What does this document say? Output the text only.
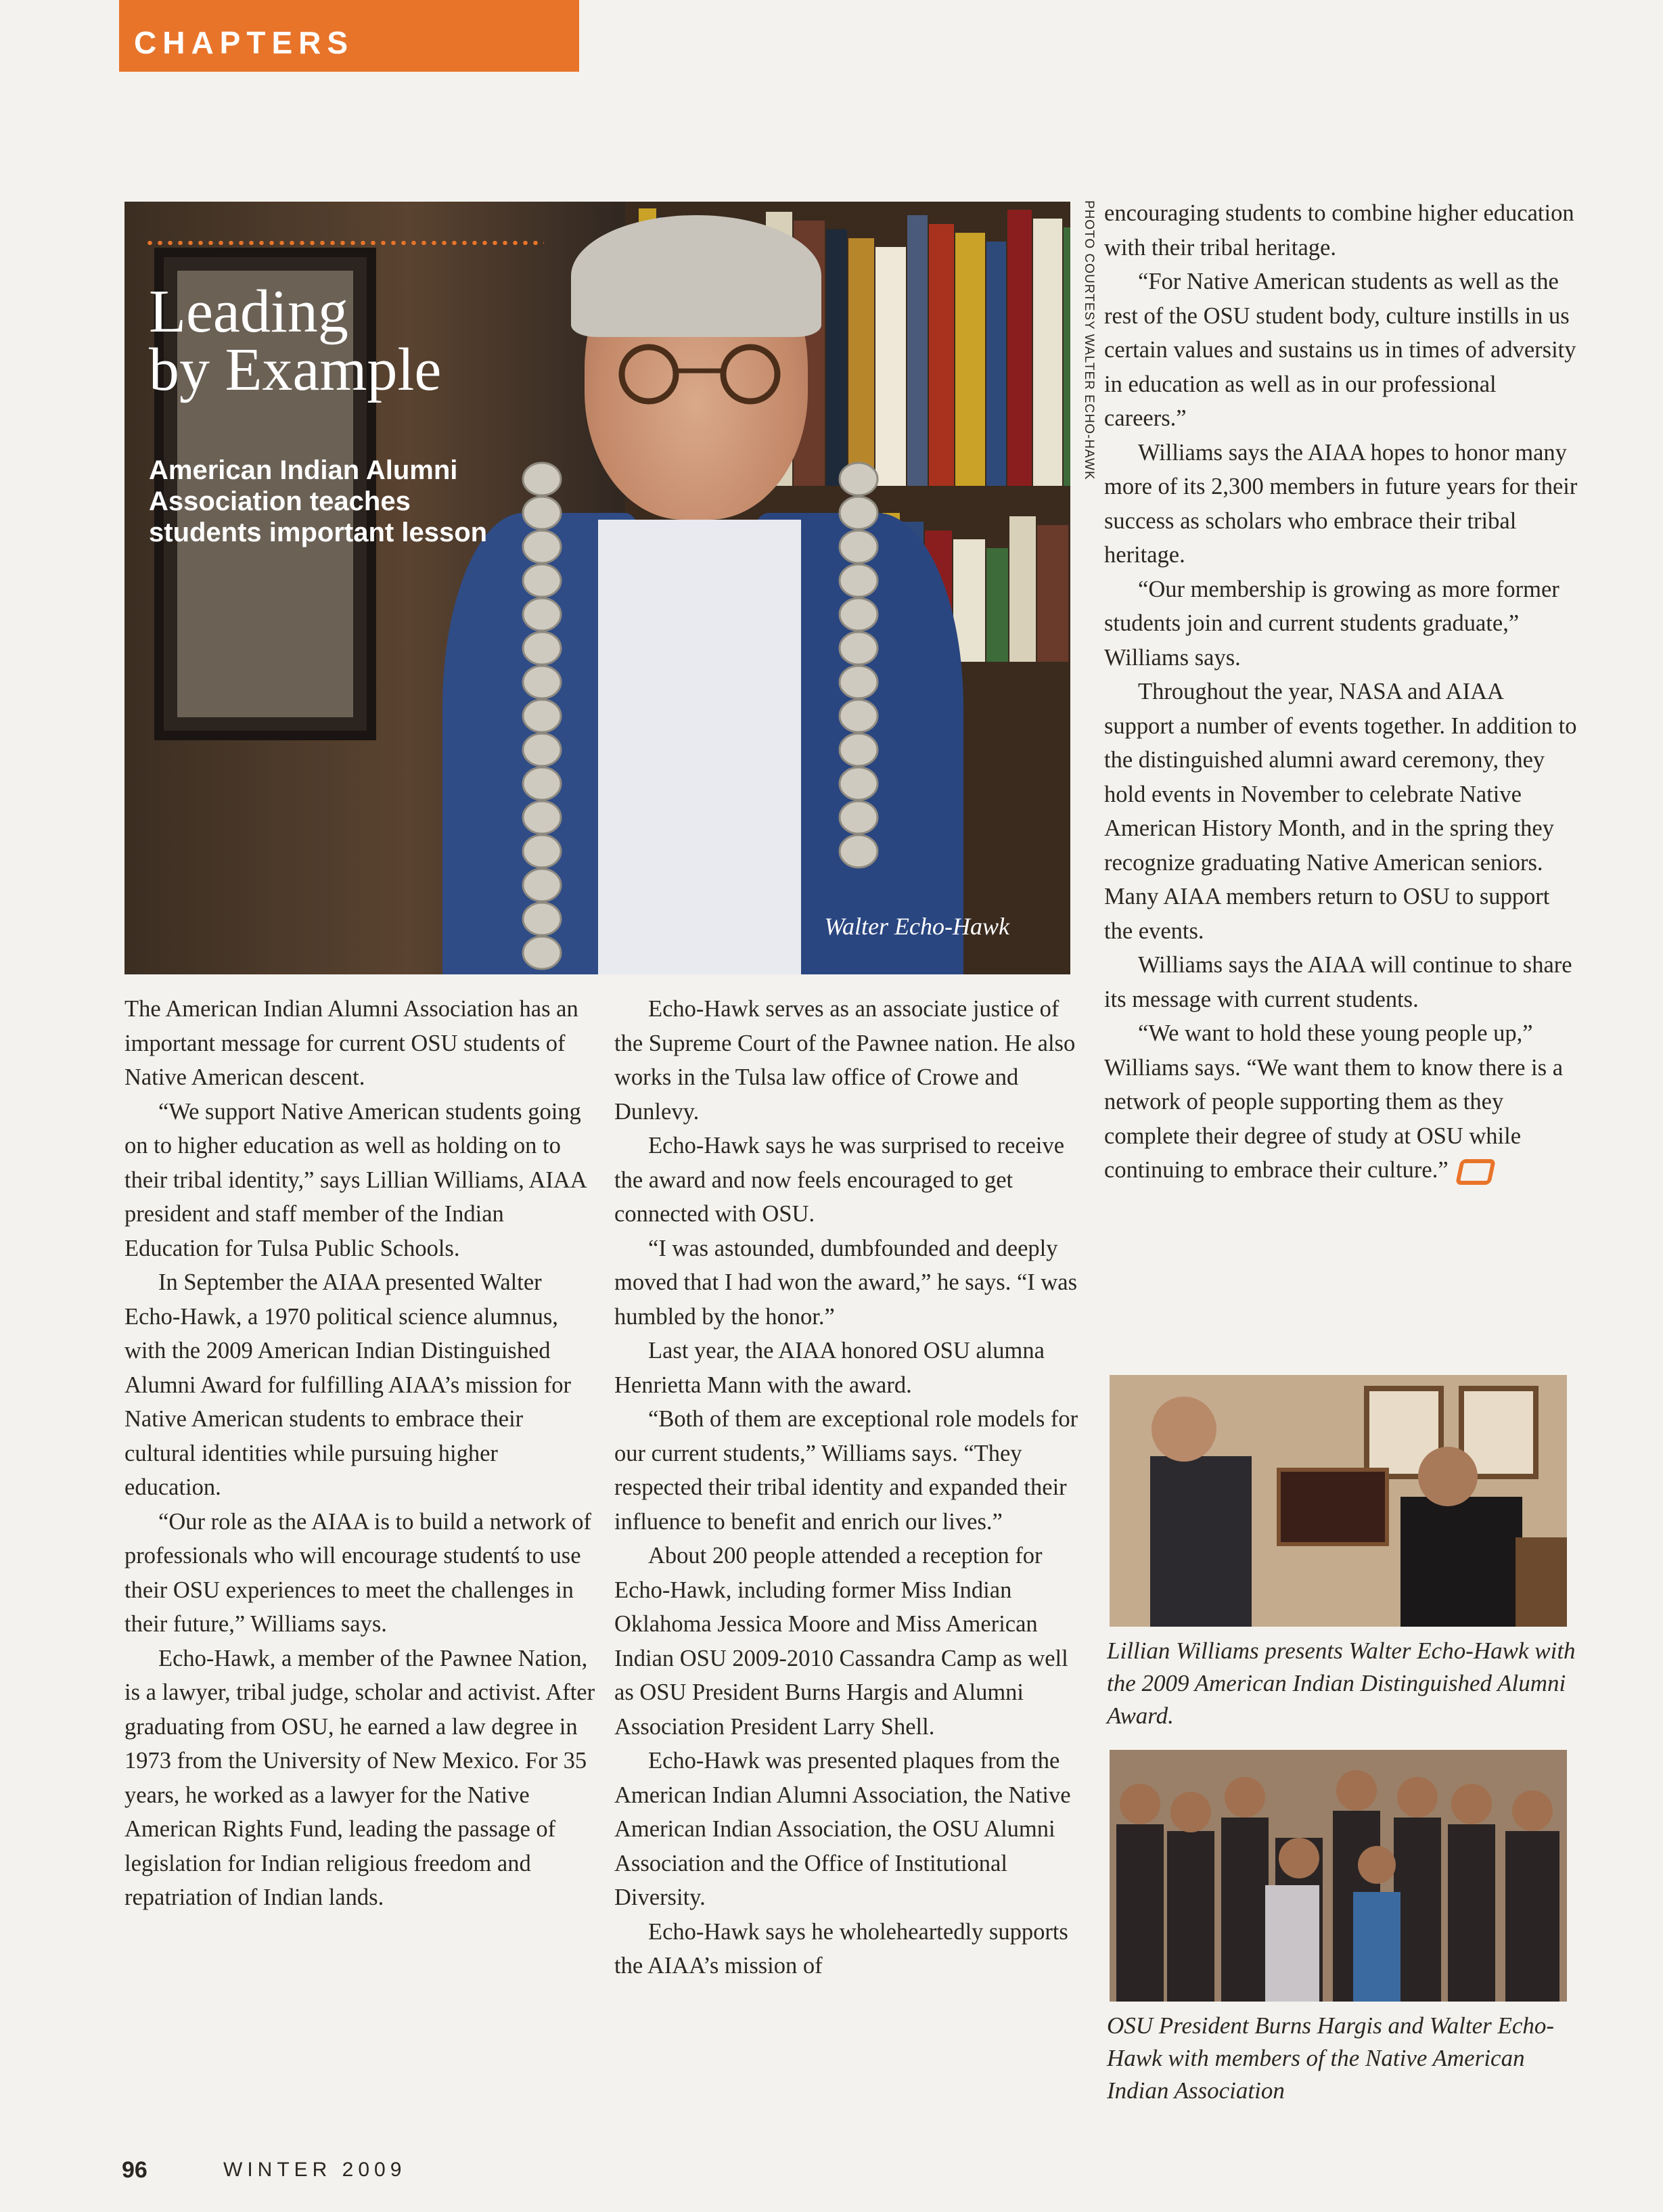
CHAPTERS
Leading
by Example
American Indian Alumni Association teaches students important lesson
Walter Echo-Hawk
PHOTO COURTESY WALTER ECHO-HAWK

The American Indian Alumni Association has an important message for current OSU students of Native American descent.

“We support Native American students going on to higher education as well as holding on to their tribal identity,” says Lillian Williams, AIAA president and staff member of the Indian Education for Tulsa Public Schools.

In September the AIAA presented Walter Echo-Hawk, a 1970 political science alumnus, with the 2009 American Indian Distinguished Alumni Award for fulfilling AIAA’s mission for Native American students to embrace their cultural identities while pursuing higher education.

“Our role as the AIAA is to build a network of professionals who will encourage studentś to use their OSU experiences to meet the challenges in their future,” Williams says.

Echo-Hawk, a member of the Pawnee Nation, is a lawyer, tribal judge, scholar and activist. After graduating from OSU, he earned a law degree in 1973 from the University of New Mexico. For 35 years, he worked as a lawyer for the Native American Rights Fund, leading the passage of legislation for Indian religious freedom and repatriation of Indian lands.

Echo-Hawk serves as an associate justice of the Supreme Court of the Pawnee nation. He also works in the Tulsa law office of Crowe and Dunlevy.

Echo-Hawk says he was surprised to receive the award and now feels encouraged to get connected with OSU.

“I was astounded, dumbfounded and deeply moved that I had won the award,” he says. “I was humbled by the honor.”

Last year, the AIAA honored OSU alumna Henrietta Mann with the award.

“Both of them are exceptional role models for our current students,” Williams says. “They respected their tribal identity and expanded their influence to benefit and enrich our lives.”

About 200 people attended a reception for Echo-Hawk, including former Miss Indian Oklahoma Jessica Moore and Miss American Indian OSU 2009-2010 Cassandra Camp as well as OSU President Burns Hargis and Alumni Association President Larry Shell.

Echo-Hawk was presented plaques from the American Indian Alumni Association, the Native American Indian Association, the OSU Alumni Association and the Office of Institutional Diversity.

Echo-Hawk says he wholeheartedly supports the AIAA’s mission of

encouraging students to combine higher education with their tribal heritage.

“For Native American students as well as the rest of the OSU student body, culture instills in us certain values and sustains us in times of adversity in education as well as in our professional careers.”

Williams says the AIAA hopes to honor many more of its 2,300 members in future years for their success as scholars who embrace their tribal heritage.

“Our membership is growing as more former students join and current students graduate,” Williams says.

Throughout the year, NASA and AIAA support a number of events together. In addition to the distinguished alumni award ceremony, they hold events in November to celebrate Native American History Month, and in the spring they recognize graduating Native American seniors. Many AIAA members return to OSU to support the events.

Williams says the AIAA will continue to share its message with current students.

“We want to hold these young people up,” Williams says. “We want them to know there is a network of people supporting them as they complete their degree of study at OSU while continuing to embrace their culture.”

Lillian Williams presents Walter Echo-Hawk with the 2009 American Indian Distinguished Alumni Award.
OSU President Burns Hargis and Walter Echo-Hawk with members of the Native American Indian Association
96	WINTER 2009
